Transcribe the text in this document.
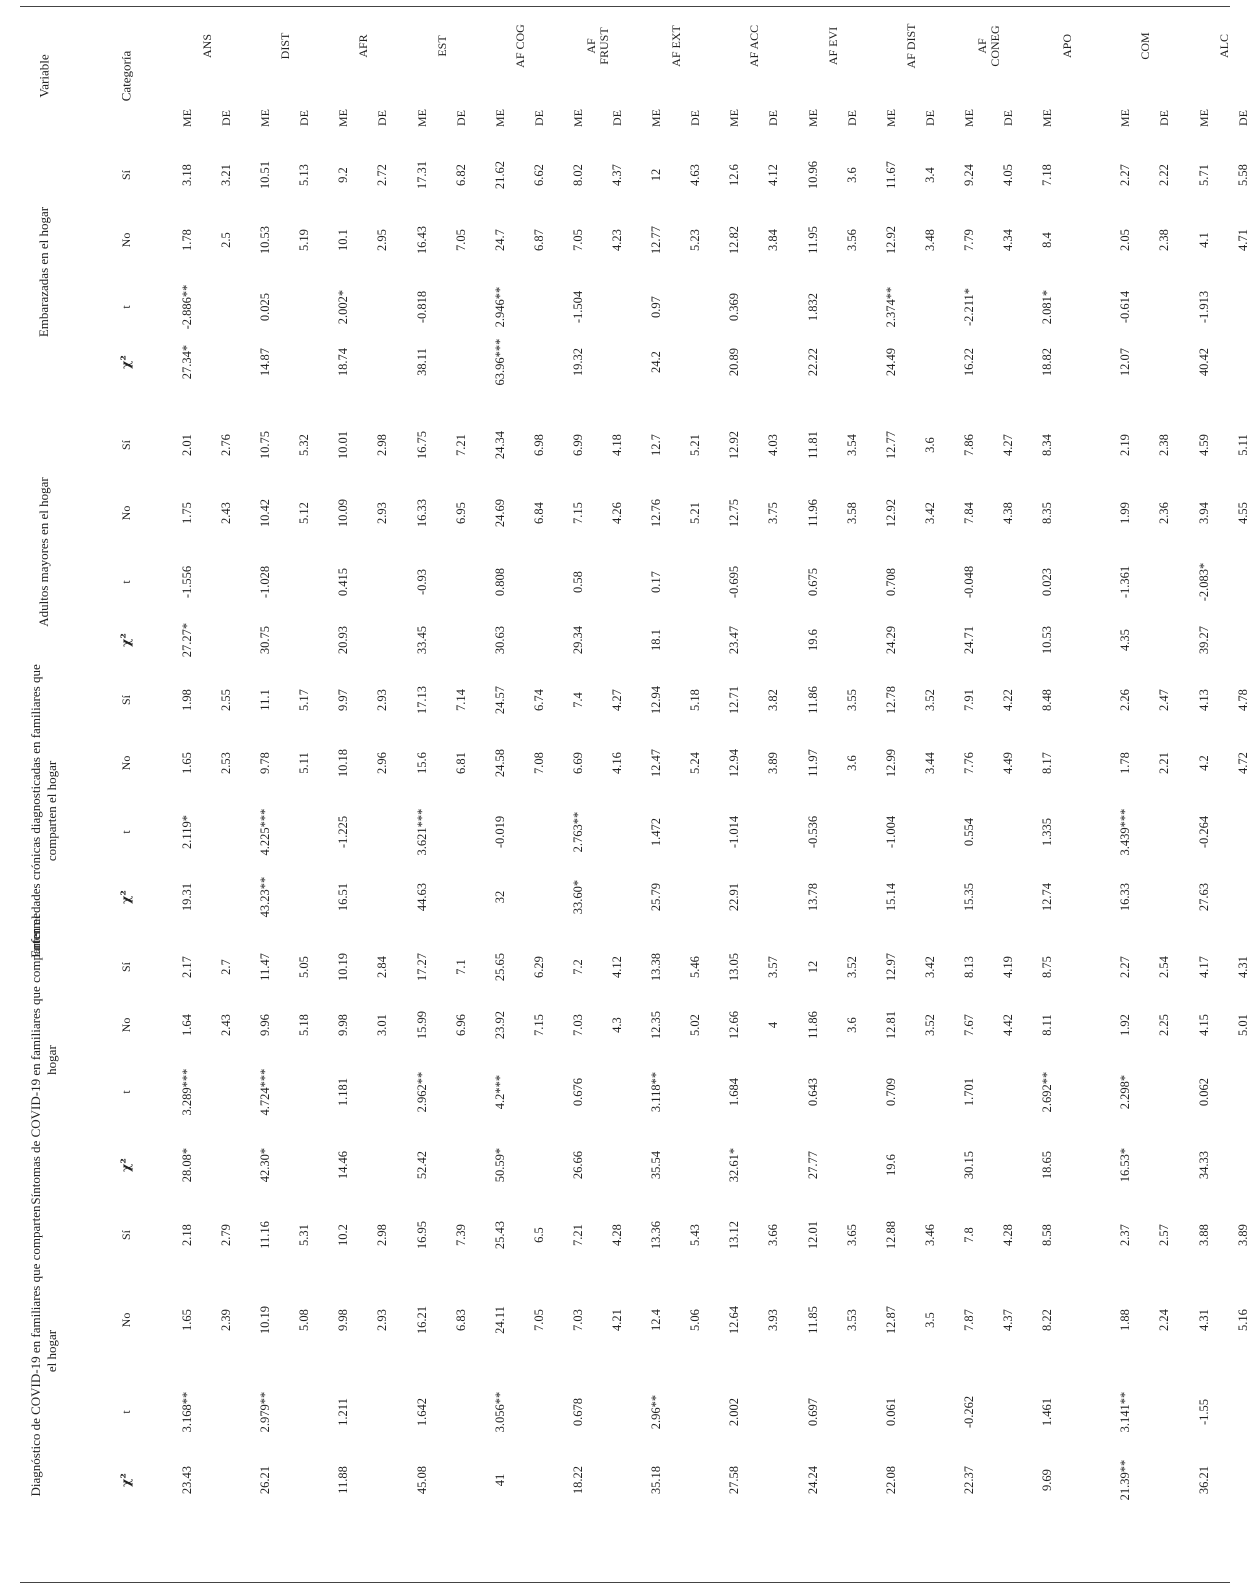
Variable	Categoría
Embarazadas en el hogar
χ²
t
No
Sí
Adultos mayores en el hogar
χ²
t
No
Sí
Enfermedades crónicas diagnosticadas en familiares que comparten el hogar
χ²
t
No
Sí
Síntomas de COVID-19 en familiares que comparten el hogar
χ²
t
No
Sí
Diagnóstico de COVID-19 en familiares que comparten el hogar
χ²
t
No
Sí
ANS
ME DE
27.34*
-2.886**
1.78
3.18
2.5
3.21
27.27*
-1.556
1.75
2.01
2.43
2.76
19.31
2.119*
1.65
1.98
2.53
2.55
28.08*
3.289***
1.64
2.17
2.43
2.7
23.43
3.168**
1.65
2.18
2.39
2.79
DIST
ME DE
14.87
0.025
10.53
10.51
5.19
5.13
30.75
-1.028
10.42
10.75
5.12
5.32
43.23**
4.225***
9.78
11.1
5.11
5.17
42.30*
4.724***
9.96
11.47
5.18
5.05
26.21
2.979**
10.19
11.16
5.08
5.31
AFR
ME DE
18.74
2.002*
10.1
9.2
2.95
2.72
20.93
0.415
10.09
10.01
2.93
2.98
16.51
-1.225
10.18
9.97
2.96
2.93
14.46
1.181
9.98
10.19
3.01
2.84
11.88
1.211
9.98
10.2
2.93
2.98
EST
ME DE
38.11
-0.818
16.43
17.31
7.05
6.82
33.45
-0.93
16.33
16.75
6.95
7.21
44.63
3.621***
15.6
17.13
6.81
7.14
52.42
2.962**
15.99
17.27
6.96
7.1
45.08
1.642
16.21
16.95
6.83
7.39
AF COG
ME DE
63.96***
2.946**
24.7
21.62
6.87
6.62
30.63
0.808
24.69
24.34
6.84
6.98
32
-0.019
24.58
24.57
7.08
6.74
50.59*
4.2***
23.92
25.65
7.15
6.29
41
3.056**
24.11
25.43
7.05
6.5
AF FRUST
ME DE
19.32
-1.504
7.05
8.02
4.23
4.37
29.34
0.58
7.15
6.99
4.26
4.18
33.60*
2.763**
6.69
7.4
4.16
4.27
26.66
0.676
7.03
7.2
4.3
4.12
18.22
0.678
7.03
7.21
4.21
4.28
AF EXT
ME DE
24.2
0.97
12.77
12
5.23
4.63
18.1
0.17
12.76
12.7
5.21
5.21
25.79
1.472
12.47
12.94
5.24
5.18
35.54
3.118**
12.35
13.38
5.02
5.46
35.18
2.96**
12.4
13.36
5.06
5.43
AF ACC
ME DE
20.89
0.369
12.82
12.6
3.84
4.12
23.47
-0.695
12.75
12.92
3.75
4.03
22.91
-1.014
12.94
12.71
3.89
3.82
32.61*
1.684
12.66
13.05
4
3.57
27.58
2.002
12.64
13.12
3.93
3.66
AF EVI
ME DE
22.22
1.832
11.95
10.96
3.56
3.6
19.6
0.675
11.96
11.81
3.58
3.54
13.78
-0.536
11.97
11.86
3.6
3.55
27.77
0.643
11.86
12
3.6
3.52
24.24
0.697
11.85
12.01
3.53
3.65
AF DIST
ME DE
24.49
2.374**
12.92
11.67
3.48
3.4
24.29
0.708
12.92
12.77
3.42
3.6
15.14
-1.004
12.99
12.78
3.44
3.52
19.6
0.709
12.81
12.97
3.52
3.42
22.08
0.061
12.87
12.88
3.5
3.46
AF CONEG
ME DE
16.22
-2.211*
7.79
9.24
4.34
4.05
24.71
-0.048
7.84
7.86
4.38
4.27
15.35
0.554
7.76
7.91
4.49
4.22
30.15
1.701
7.67
8.13
4.42
4.19
22.37
-0.262
7.87
7.8
4.37
4.28
APO
ME
18.82
2.081*
8.4
7.18
10.53
0.023
8.35
8.34
12.74
1.335
8.17
8.48
18.65
2.692**
8.11
8.75
9.69
1.461
8.22
8.58
COM
ME DE
12.07
-0.614
2.05
2.27
2.38
2.22
4.35
-1.361
1.99
2.19
2.36
2.38
16.33
3.439***
1.78
2.26
2.21
2.47
16.53*
2.298*
1.92
2.27
2.25
2.54
21.39**
3.141**
1.88
2.37
2.24
2.57
ALC
ME DE
40.42
-1.913
4.1
5.71
4.71
5.58
39.27
-2.083*
3.94
4.59
4.55
5.11
27.63
-0.264
4.2
4.13
4.72
4.78
34.33
0.062
4.15
4.17
5.01
4.31
36.21
-1.55
4.31
3.88
5.16
3.89
